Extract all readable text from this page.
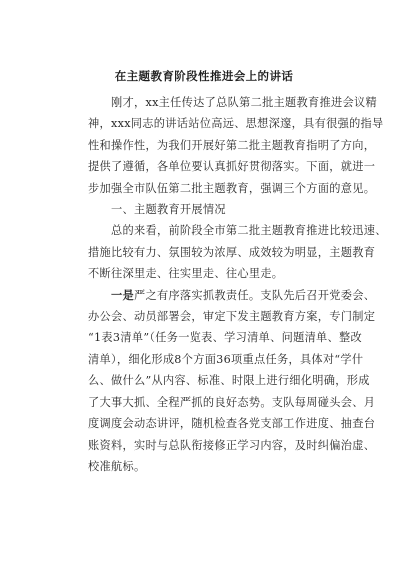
在主题教育阶段性推进会上的讲话

刚才，xx主任传达了总队第二批主题教育推进会议精

神，xxx同志的讲话站位高远、思想深邃，具有很强的指导

性和操作性，为我们开展好第二批主题教育指明了方向，

提供了遵循，各单位要认真抓好贯彻落实。下面，就进一

步加强全市队伍第二批主题教育，强调三个方面的意见。

一、主题教育开展情况

总的来看，前阶段全市第二批主题教育推进比较迅速、

措施比较有力、氛围较为浓厚、成效较为明显，主题教育

不断往深里走、往实里走、往心里走。

一是严之有序落实抓教责任。支队先后召开党委会、

办公会、动员部署会，审定下发主题教育方案，专门制定

“1表3清单”（任务一览表、学习清单、问题清单、整改

清单），细化形成8个方面36项重点任务，具体对“学什

么、做什么”从内容、标准、时限上进行细化明确，形成

了大事大抓、全程严抓的良好态势。支队每周碰头会、月

度调度会动态讲评，随机检查各党支部工作进度、抽查台

账资料，实时与总队衔接修正学习内容，及时纠偏治虚、

校准航标。
